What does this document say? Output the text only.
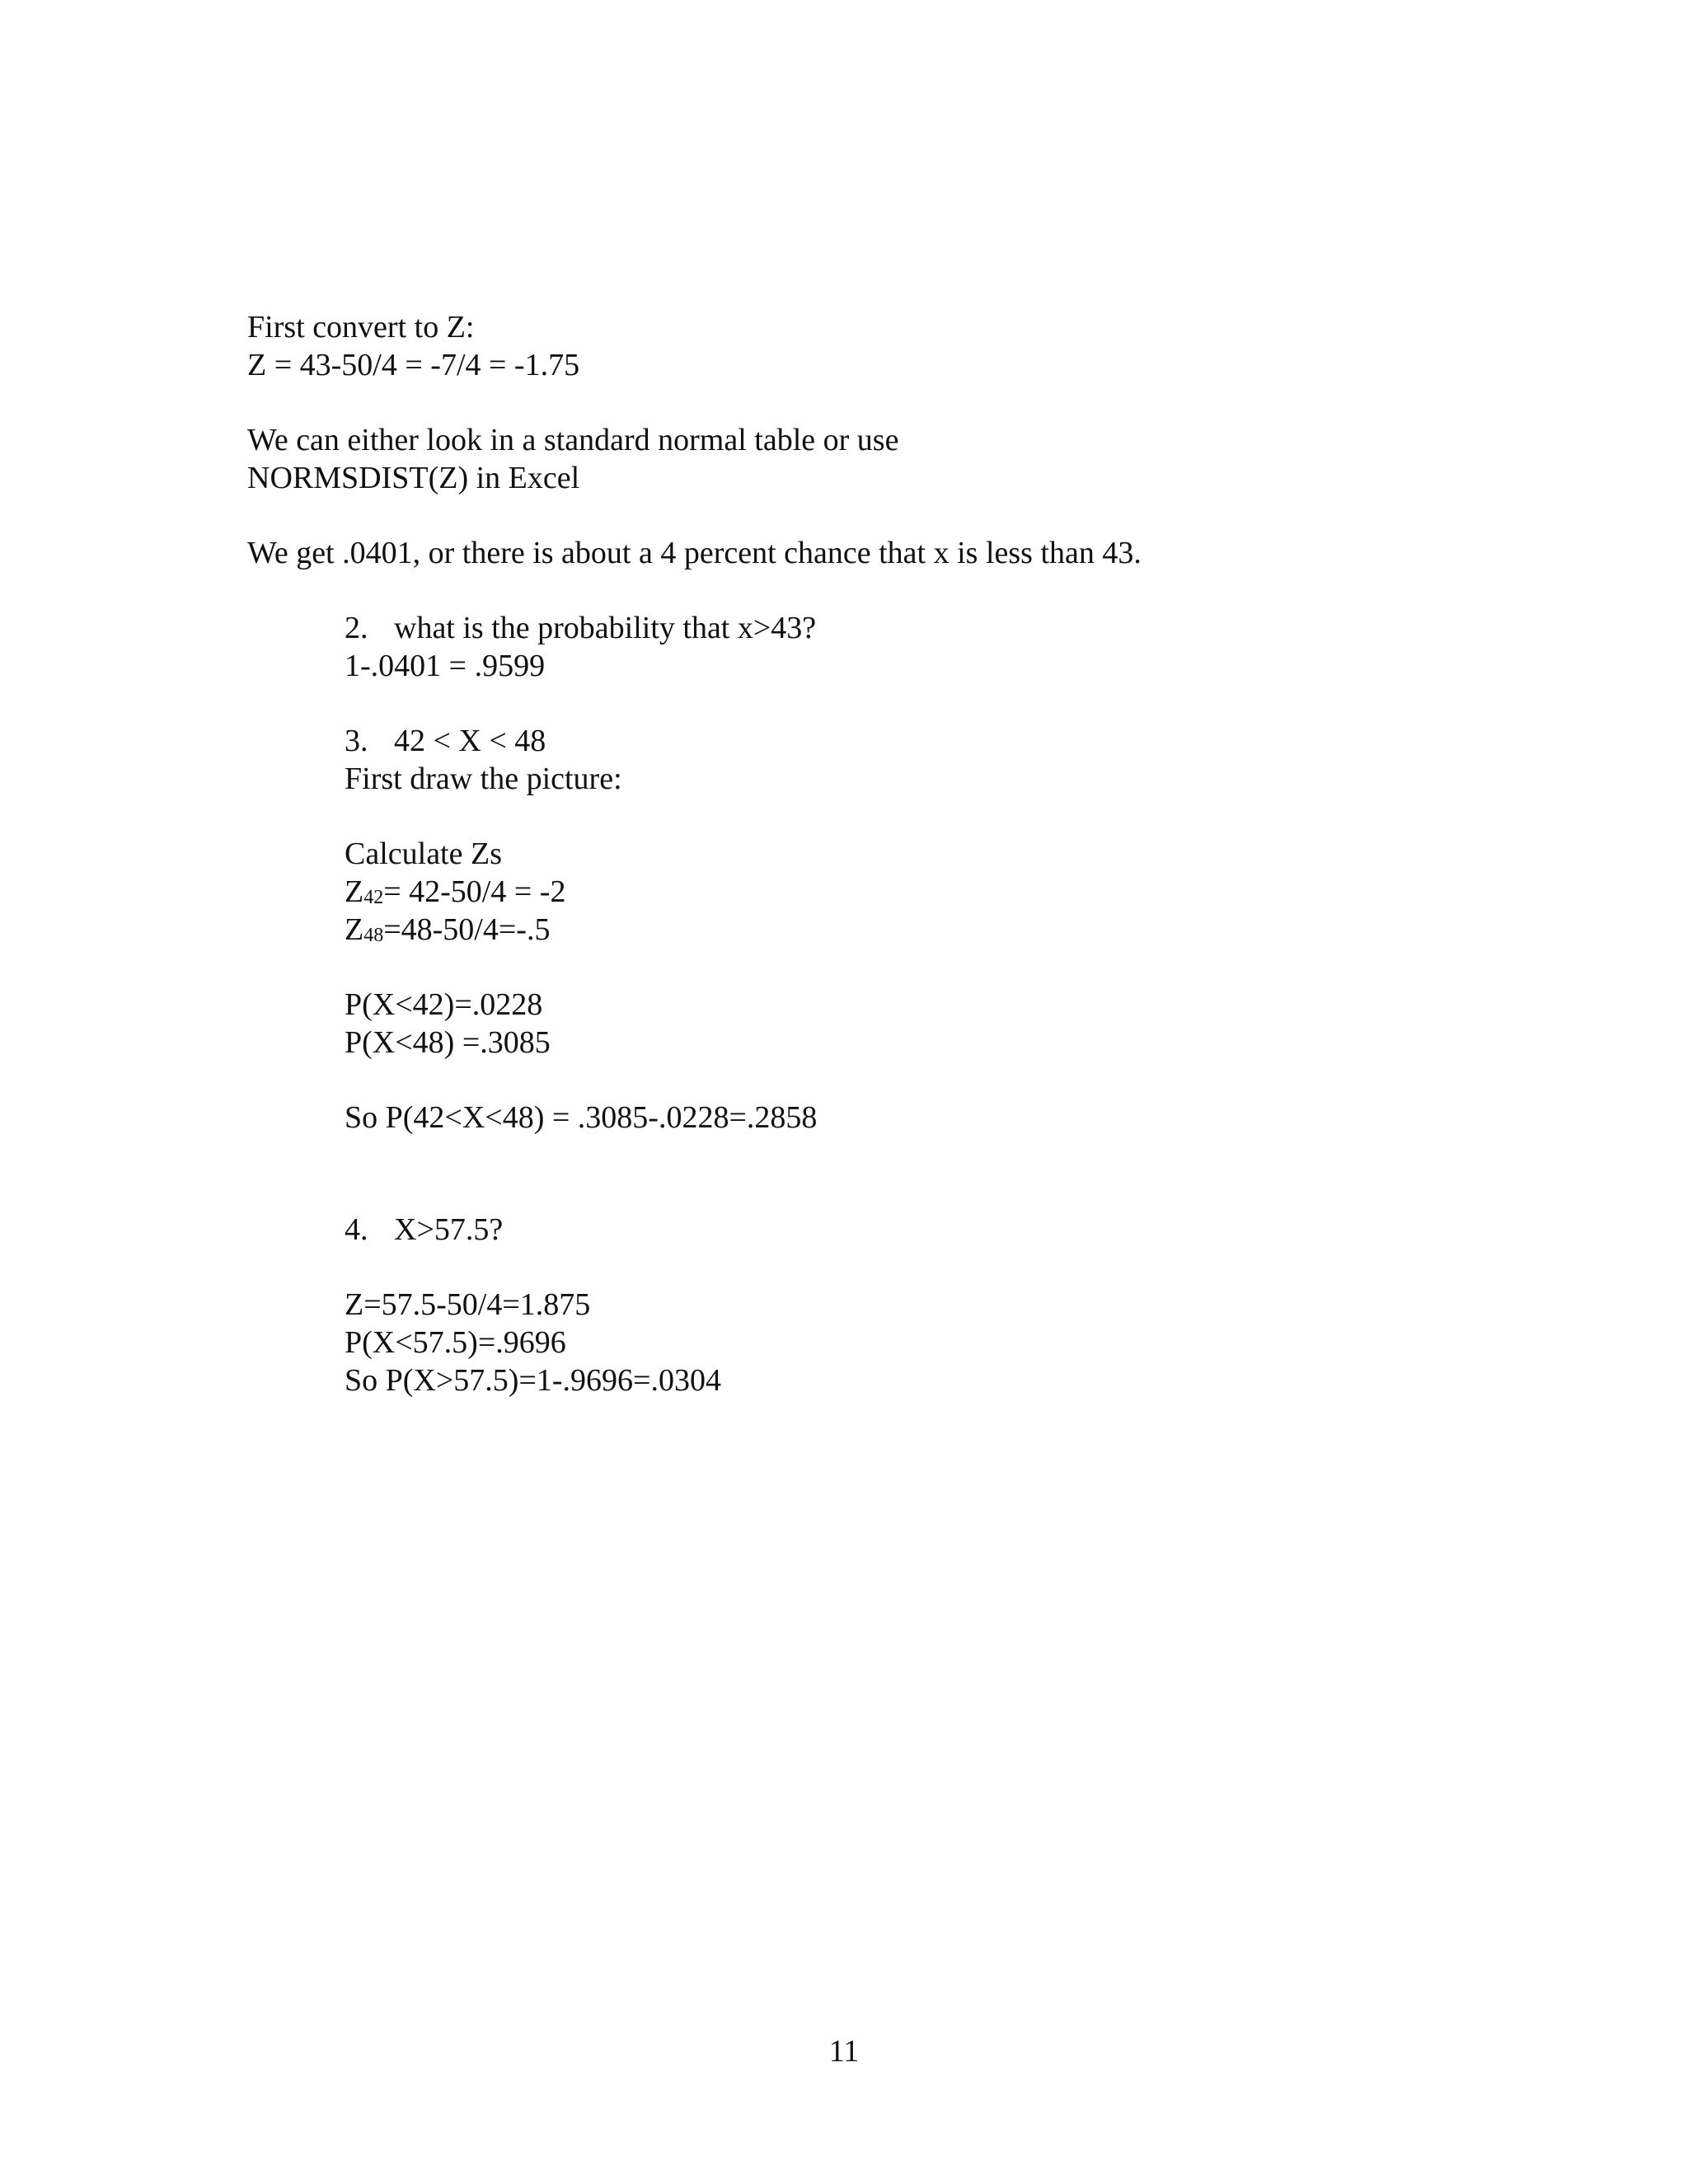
First convert to Z:
Z = 43-50/4 = -7/4 = -1.75
We can either look in a standard normal table or use
NORMSDIST(Z) in Excel
We get .0401, or there is about a 4 percent chance that x is less than 43.
2. what is the probability that x>43?
1-.0401 = .9599
3. 42 < X < 48
First draw the picture:
Calculate Zs
Z42= 42-50/4 = -2
Z48=48-50/4=-.5
P(X<42)=.0228
P(X<48) =.3085
So P(42<X<48) = .3085-.0228=.2858
4. X>57.5?
Z=57.5-50/4=1.875
P(X<57.5)=.9696
So P(X>57.5)=1-.9696=.0304
11
